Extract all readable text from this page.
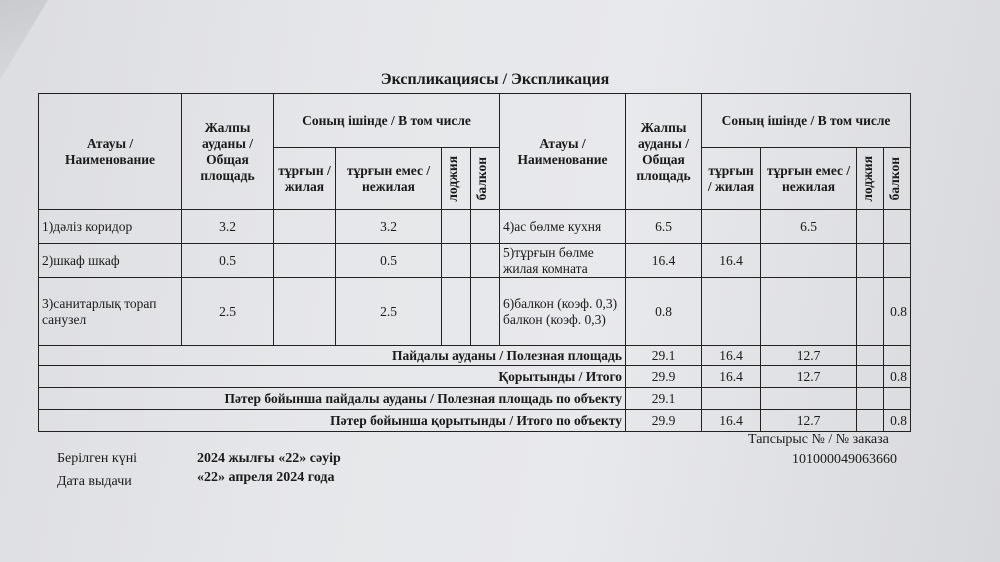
Экспликациясы / Экспликация
Атауы / Наименование	Жалпы ауданы / Общая площадь	Соның ішінде / В том числе				Атауы / Наименование	Жалпы ауданы / Общая площадь	Соның ішінде / В том числе			
		тұрғын / жилая	тұрғын емес / нежилая	лоджия	балкон			тұрғын / жилая	тұрғын емес / нежилая	лоджия	балкон

1)дәліз коридор	3.2		3.2			4)ас бөлме кухня	6.5		6.5		
2)шкаф шкаф	0.5		0.5			5)тұрғын бөлме жилая комната	16.4	16.4			
3)санитарлық торап санузел	2.5		2.5			6)балкон (коэф. 0,3) балкон (коэф. 0,3)	0.8				0.8
Пайдалы ауданы / Полезная площадь							29.1	16.4	12.7		
Қорытынды / Итого							29.9	16.4	12.7		0.8
Пәтер бойынша пайдалы ауданы / Полезная площадь по объекту							29.1				
Пәтер бойынша қорытынды / Итого по объекту							29.9	16.4	12.7		0.8
Тапсырыс № / № заказа
101000049063660
Берілген күні
Дата выдачи
2024 жылғы «22» сәуір
«22» апреля 2024 года
